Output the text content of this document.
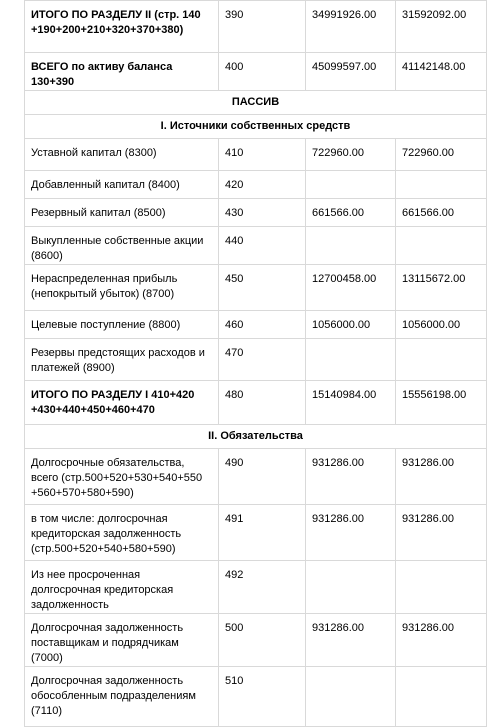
ИТОГО ПО РАЗДЕЛУ II (стр. 140 +190+200+210+320+370+380)	390	34991926.00	31592092.00
ВСЕГО по активу баланса 130+390	400	45099597.00	41142148.00
ПАССИВ			
I. Источники собственных средств			
Уставной капитал (8300)	410	722960.00	722960.00
Добавленный капитал (8400)	420		
Резервный капитал (8500)	430	661566.00	661566.00
Выкупленные собственные акции (8600)	440		
Нераспределенная прибыль (непокрытый убыток) (8700)	450	12700458.00	13115672.00
Целевые поступление (8800)	460	1056000.00	1056000.00
Резервы предстоящих расходов и платежей (8900)	470		
ИТОГО ПО РАЗДЕЛУ I 410+420 +430+440+450+460+470	480	15140984.00	15556198.00
II. Обязательства			
Долгосрочные обязательства, всего (стр.500+520+530+540+550 +560+570+580+590)	490	931286.00	931286.00
в том числе: долгосрочная кредиторская задолженность (стр.500+520+540+580+590)	491	931286.00	931286.00
Из нее просроченная долгосрочная кредиторская задолженность	492		
Долгосрочная задолженность поставщикам и подрядчикам (7000)	500	931286.00	931286.00
Долгосрочная задолженность обособленным подразделениям (7110)	510		
